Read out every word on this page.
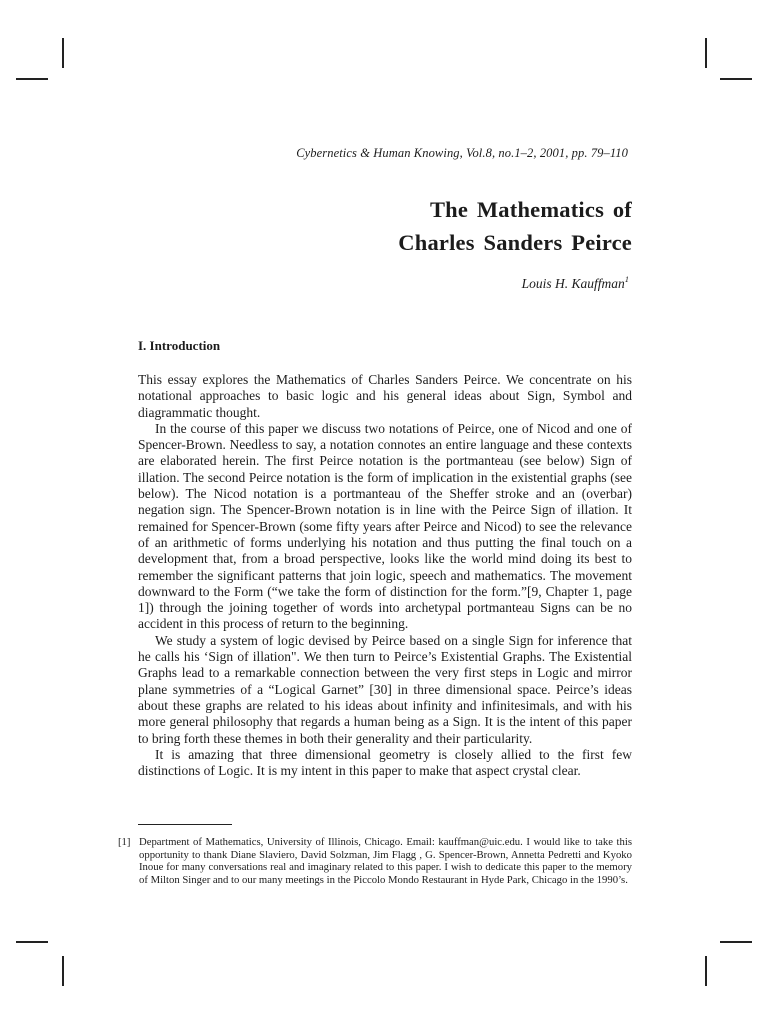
Cybernetics & Human Knowing, Vol.8, no.1–2, 2001, pp. 79–110

The Mathematics of
Charles Sanders Peirce

Louis H. Kauffman$^1$

I. Introduction

This essay explores the Mathematics of Charles Sanders Peirce. We concentrate on his notational approaches to basic logic and his general ideas about Sign, Symbol and diagrammatic thought.

In the course of this paper we discuss two notations of Peirce, one of Nicod and one of Spencer-Brown. Needless to say, a notation connotes an entire language and these contexts are elaborated herein. The first Peirce notation is the portmanteau (see below) Sign of illation. The second Peirce notation is the form of implication in the existential graphs (see below). The Nicod notation is a portmanteau of the Sheffer stroke and an (overbar) negation sign. The Spencer-Brown notation is in line with the Peirce Sign of illation. It remained for Spencer-Brown (some fifty years after Peirce and Nicod) to see the relevance of an arithmetic of forms underlying his notation and thus putting the final touch on a development that, from a broad perspective, looks like the world mind doing its best to remember the significant patterns that join logic, speech and mathematics. The movement downward to the Form (“we take the form of distinction for the form.”[9, Chapter 1, page 1]) through the joining together of words into archetypal portmanteau Signs can be no accident in this process of return to the beginning.

We study a system of logic devised by Peirce based on a single Sign for inference that he calls his ‘Sign of illation". We then turn to Peirce’s Existential Graphs. The Existential Graphs lead to a remarkable connection between the very first steps in Logic and mirror plane symmetries of a “Logical Garnet” [30] in three dimensional space. Peirce’s ideas about these graphs are related to his ideas about infinity and infinitesimals, and with his more general philosophy that regards a human being as a Sign. It is the intent of this paper to bring forth these themes in both their generality and their particularity.

It is amazing that three dimensional geometry is closely allied to the first few distinctions of Logic. It is my intent in this paper to make that aspect crystal clear.

[1] Department of Mathematics, University of Illinois, Chicago. Email: kauffman@uic.edu. I would like to take this opportunity to thank Diane Slaviero, David Solzman, Jim Flagg , G. Spencer-Brown, Annetta Pedretti and Kyoko Inoue for many conversations real and imaginary related to this paper. I wish to dedicate this paper to the memory of Milton Singer and to our many meetings in the Piccolo Mondo Restaurant in Hyde Park, Chicago in the 1990’s.
